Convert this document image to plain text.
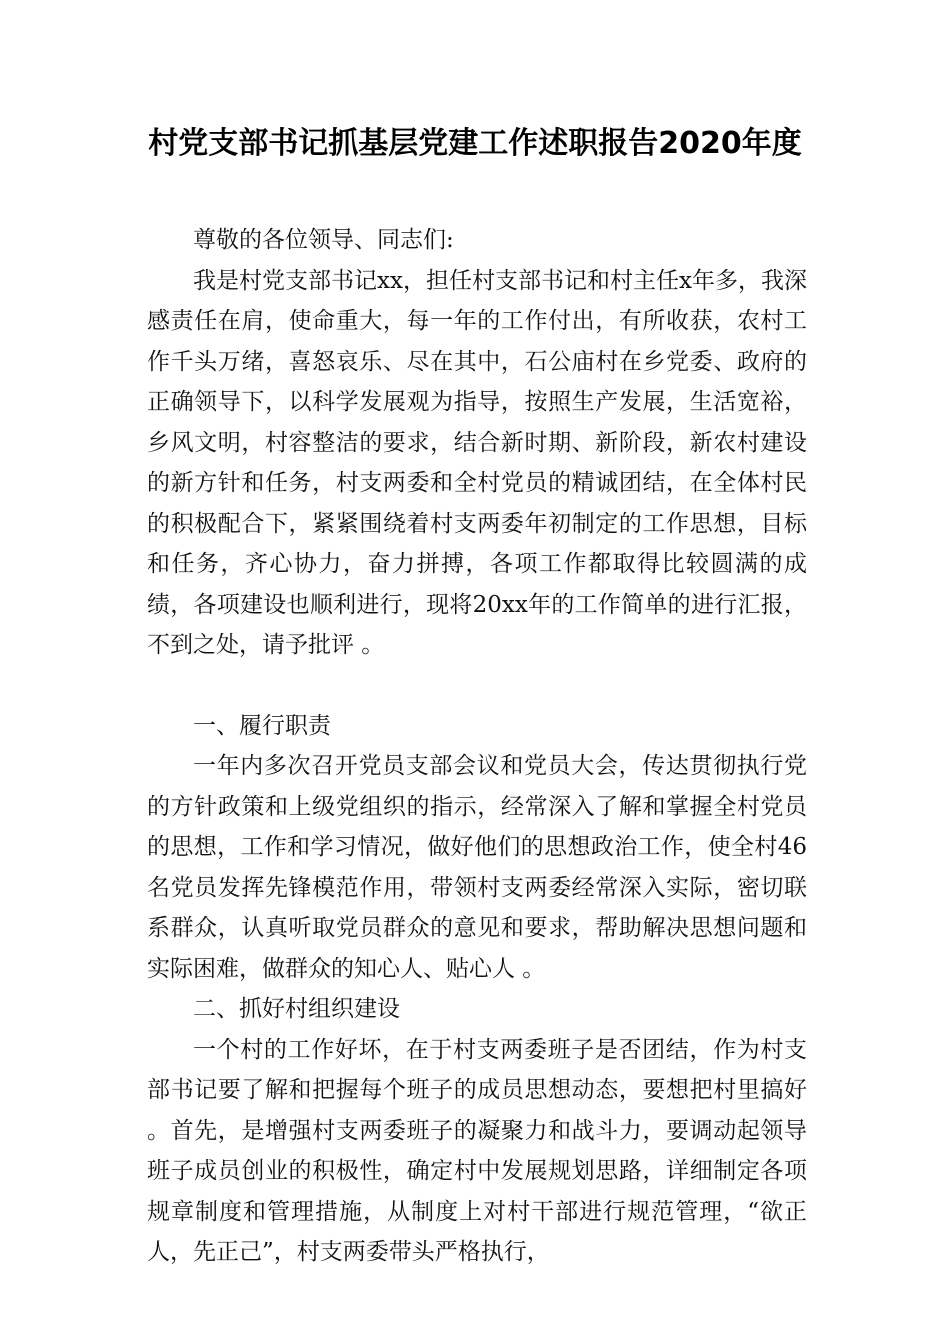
村党支部书记抓基层党建工作述职报告2020年度

尊敬的各位领导、同志们:

我是村党支部书记xx，担任村支部书记和村主任x年多，我深感责任在肩，使命重大，每一年的工作付出，有所收获，农村工作千头万绪，喜怒哀乐、尽在其中，石公庙村在乡党委、政府的正确领导下，以科学发展观为指导，按照生产发展，生活宽裕，乡风文明，村容整洁的要求，结合新时期、新阶段，新农村建设的新方针和任务，村支两委和全村党员的精诚团结，在全体村民的积极配合下，紧紧围绕着村支两委年初制定的工作思想，目标和任务，齐心协力，奋力拼搏，各项工作都取得比较圆满的成绩，各项建设也顺利进行，现将20xx年的工作简单的进行汇报，不到之处，请予批评 。

一、履行职责

一年内多次召开党员支部会议和党员大会，传达贯彻执行党的方针政策和上级党组织的指示，经常深入了解和掌握全村党员的思想，工作和学习情况，做好他们的思想政治工作，使全村46名党员发挥先锋模范作用，带领村支两委经常深入实际，密切联系群众，认真听取党员群众的意见和要求，帮助解决思想问题和实际困难，做群众的知心人、贴心人 。

二、抓好村组织建设

一个村的工作好坏，在于村支两委班子是否团结，作为村支部书记要了解和把握每个班子的成员思想动态，要想把村里搞好 。首先，是增强村支两委班子的凝聚力和战斗力，要调动起领导班子成员创业的积极性，确定村中发展规划思路，详细制定各项规章制度和管理措施，从制度上对村干部进行规范管理，“欲正人，先正己”，村支两委带头严格执行，
